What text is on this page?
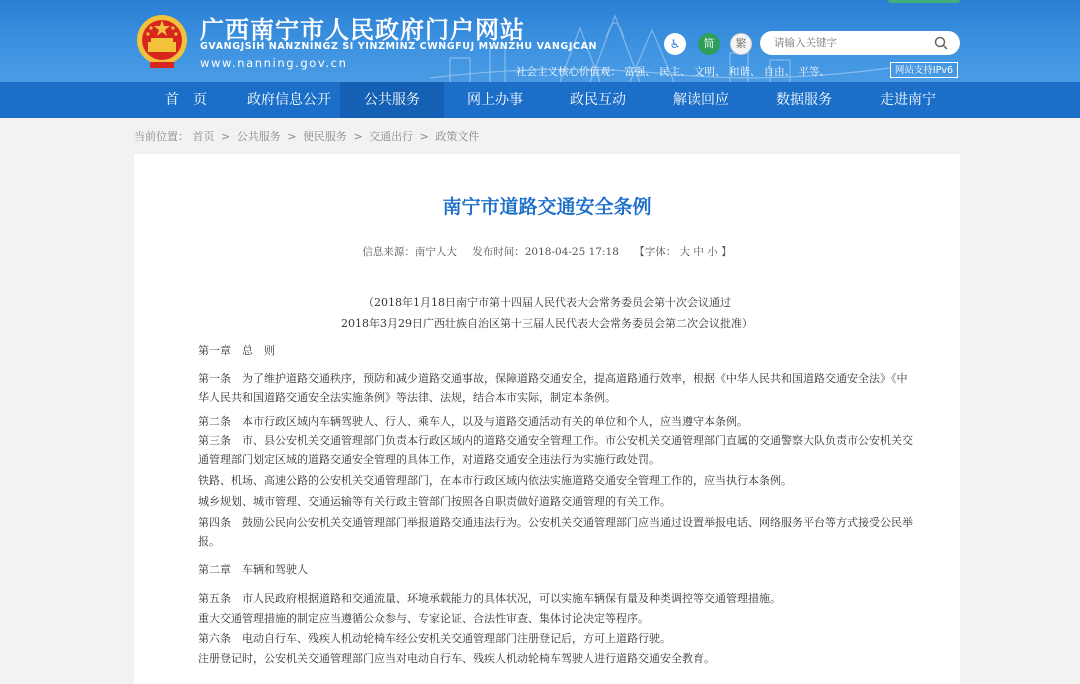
广西南宁市人民政府门户网站
GVANGJSIH NANZNINGZ SI YINZMINZ CWNGFUJ MWNZHU VANGJCAN
www.nanning.gov.cn
♿	简	繁
请输入关键字
社会主义核心价值观： 富强、 民主、 文明、 和谐、 自由、 平等、	网站支持IPv6
首　页	政府信息公开	公共服务	网上办事	政民互动	解读回应	数据服务	走进南宁
当前位置： 首页 > 公共服务 > 便民服务 > 交通出行 > 政策文件
南宁市道路交通安全条例
信息来源：南宁人大 发布时间：2018-04-25 17:18 【字体： 大 中 小 】
（2018年1月18日南宁市第十四届人民代表大会常务委员会第十次会议通过
2018年3月29日广西壮族自治区第十三届人民代表大会常务委员会第二次会议批准）
第一章　总　则
第一条　为了维护道路交通秩序，预防和减少道路交通事故，保障道路交通安全，提高道路通行效率，根据《中华人民共和国道路交通安全法》《中
华人民共和国道路交通安全法实施条例》等法律、法规，结合本市实际，制定本条例。
第二条　本市行政区域内车辆驾驶人、行人、乘车人，以及与道路交通活动有关的单位和个人，应当遵守本条例。
第三条　市、县公安机关交通管理部门负责本行政区域内的道路交通安全管理工作。市公安机关交通管理部门直属的交通警察大队负责市公安机关交
通管理部门划定区域的道路交通安全管理的具体工作，对道路交通安全违法行为实施行政处罚。
铁路、机场、高速公路的公安机关交通管理部门，在本市行政区域内依法实施道路交通安全管理工作的，应当执行本条例。
城乡规划、城市管理、交通运输等有关行政主管部门按照各自职责做好道路交通管理的有关工作。
第四条　鼓励公民向公安机关交通管理部门举报道路交通违法行为。公安机关交通管理部门应当通过设置举报电话、网络服务平台等方式接受公民举
报。
第二章　车辆和驾驶人
第五条　市人民政府根据道路和交通流量、环境承载能力的具体状况，可以实施车辆保有量及种类调控等交通管理措施。
重大交通管理措施的制定应当遵循公众参与、专家论证、合法性审查、集体讨论决定等程序。
第六条　电动自行车、残疾人机动轮椅车经公安机关交通管理部门注册登记后，方可上道路行驶。
注册登记时，公安机关交通管理部门应当对电动自行车、残疾人机动轮椅车驾驶人进行道路交通安全教育。
